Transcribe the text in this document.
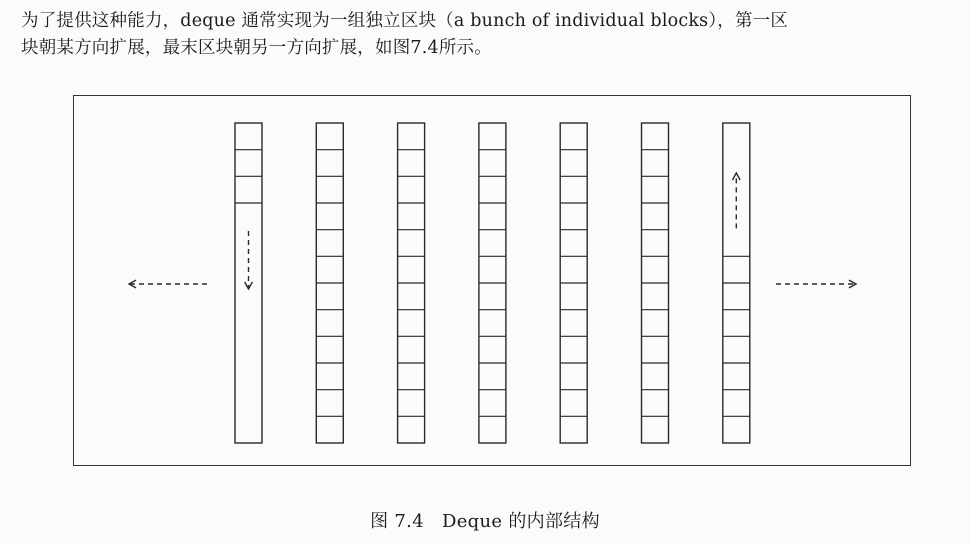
为了提供这种能力，deque 通常实现为一组独立区块（a bunch of individual blocks），第一区
块朝某方向扩展，最末区块朝另一方向扩展，如图7.4所示。
图 7.4 Deque 的内部结构
